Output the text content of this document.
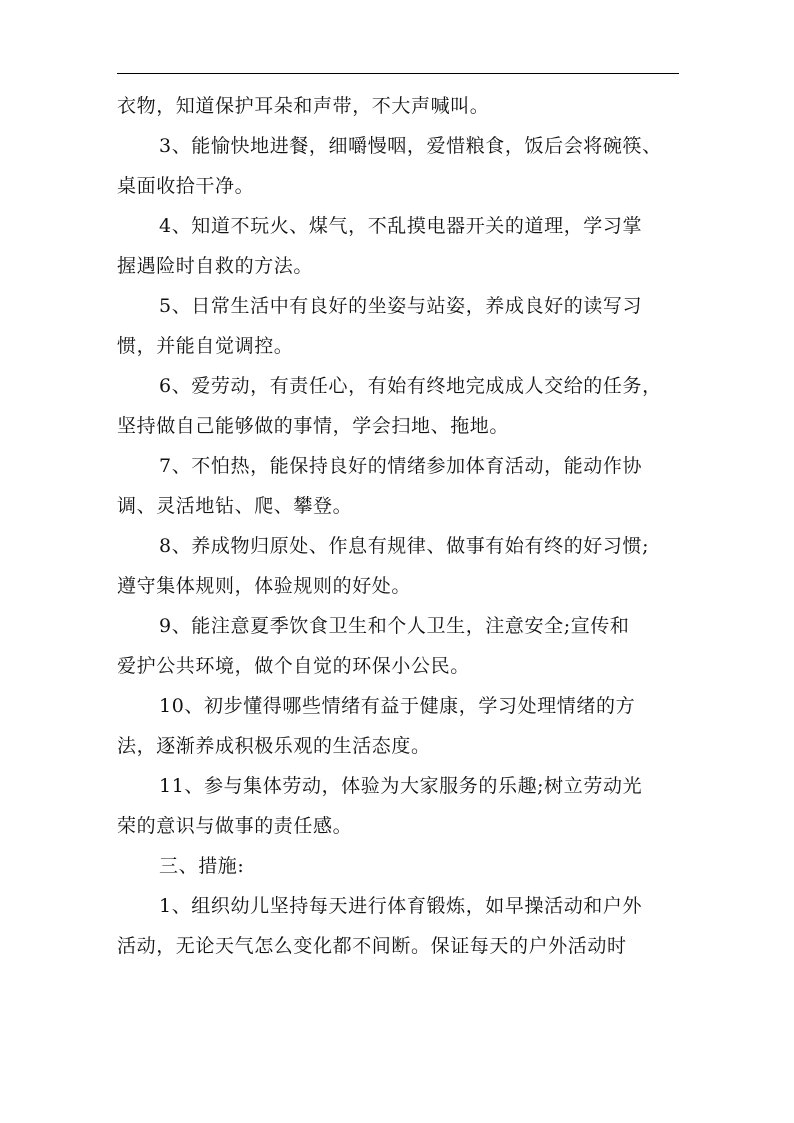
衣物，知道保护耳朵和声带，不大声喊叫。
3、能愉快地进餐，细嚼慢咽，爱惜粮食，饭后会将碗筷、
桌面收拾干净。
4、知道不玩火、煤气，不乱摸电器开关的道理，学习掌
握遇险时自救的方法。
5、日常生活中有良好的坐姿与站姿，养成良好的读写习
惯，并能自觉调控。
6、爱劳动，有责任心，有始有终地完成成人交给的任务，
坚持做自己能够做的事情，学会扫地、拖地。
7、不怕热，能保持良好的情绪参加体育活动，能动作协
调、灵活地钻、爬、攀登。
8、养成物归原处、作息有规律、做事有始有终的好习惯;
遵守集体规则，体验规则的好处。
9、能注意夏季饮食卫生和个人卫生，注意安全;宣传和
爱护公共环境，做个自觉的环保小公民。
10、初步懂得哪些情绪有益于健康，学习处理情绪的方
法，逐渐养成积极乐观的生活态度。
11、参与集体劳动，体验为大家服务的乐趣;树立劳动光
荣的意识与做事的责任感。
三、措施:
1、组织幼儿坚持每天进行体育锻炼，如早操活动和户外
活动，无论天气怎么变化都不间断。保证每天的户外活动时
